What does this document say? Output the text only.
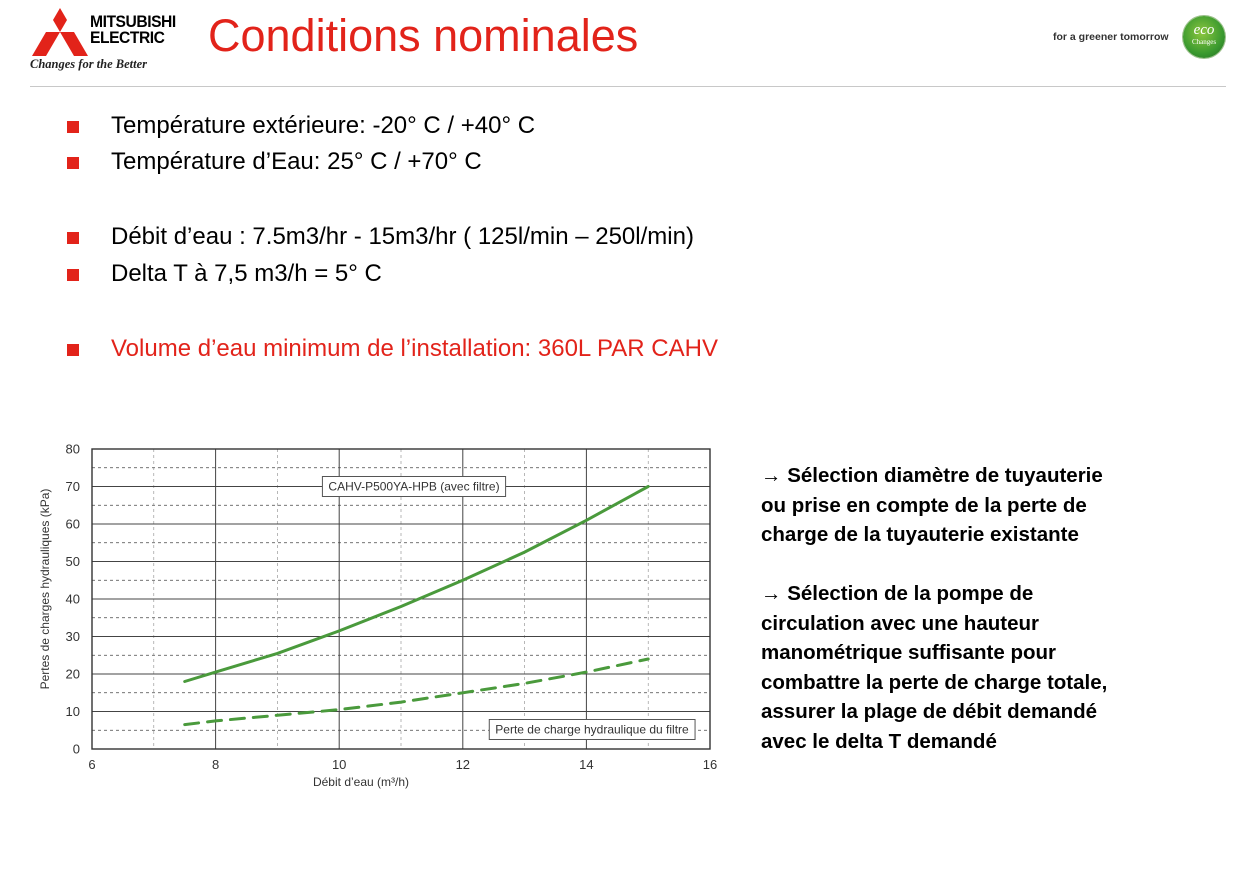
MITSUBISHI
ELECTRIC
Changes for the Better
Conditions nominales	for a greener tomorrow	eco
Changes
Température extérieure: -20° C / +40° C
Température d’Eau: 25° C / +70° C
Débit d’eau : 7.5m3/hr - 15m3/hr ( 125l/min – 250l/min)
Delta T à 7,5 m3/h = 5° C
Volume d’eau minimum de l’installation: 360L PAR CAHV
→ Sélection diamètre de tuyauterie
ou prise en compte de la perte de
charge de la tuyauterie existante
→ Sélection de la pompe de
circulation avec une hauteur
manométrique suffisante pour
combattre la perte de charge totale,
assurer la plage de débit demandé
avec le delta T demandé
0
10
20
30
40
50
60
70
80
6	8	10	12	14	16
Débit d’eau (m³/h)
Pertes de charges hydrauliques (kPa)
CAHV-P500YA-HPB (avec filtre)
Perte de charge hydraulique du filtre
